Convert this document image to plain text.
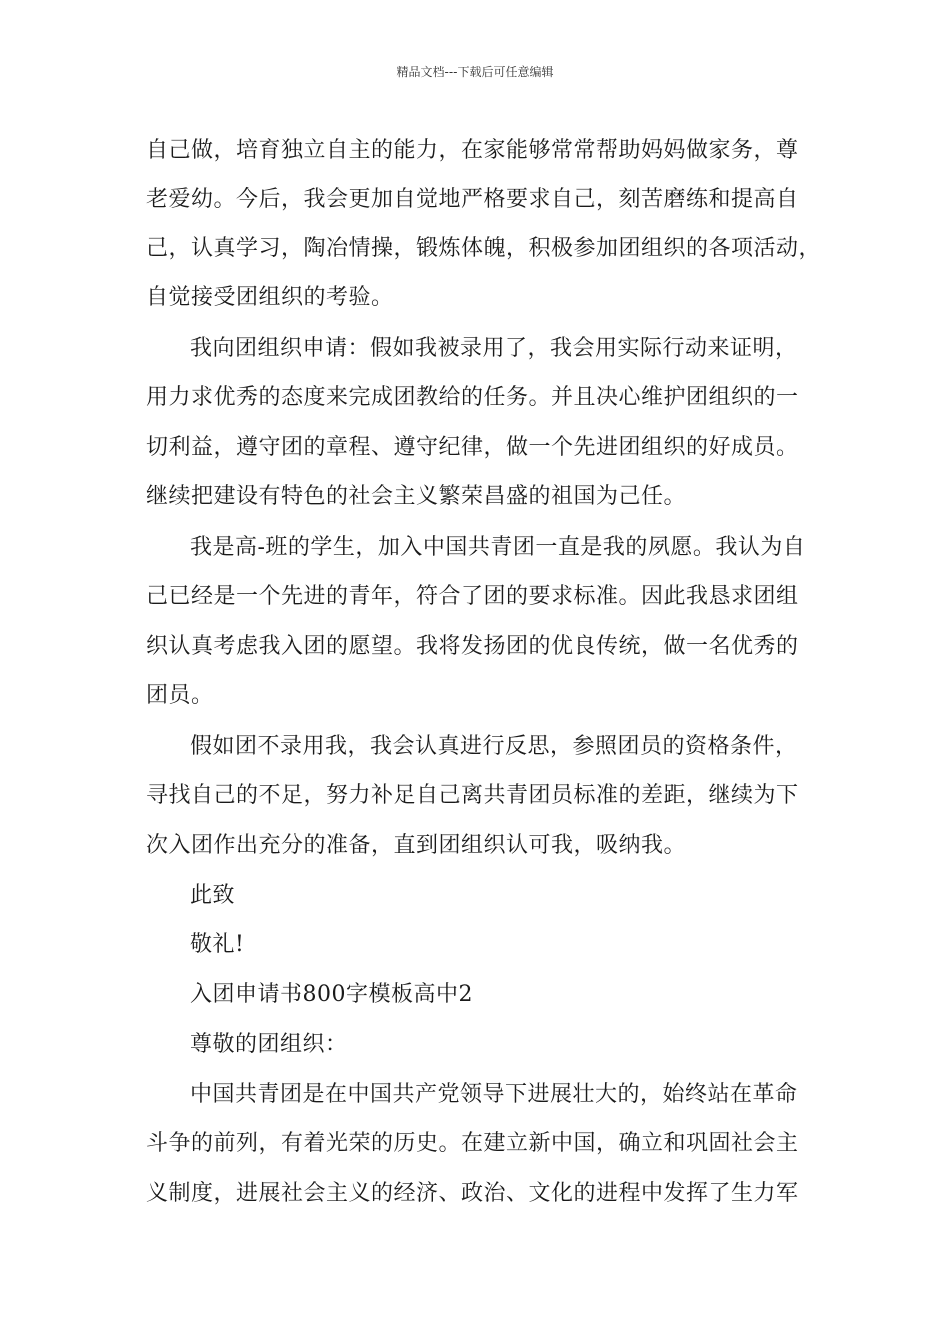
精品文档---下载后可任意编辑
自己做，培育独立自主的能力，在家能够常常帮助妈妈做家务，尊
老爱幼。今后，我会更加自觉地严格要求自己，刻苦磨练和提高自
己，认真学习，陶冶情操，锻炼体魄，积极参加团组织的各项活动，
自觉接受团组织的考验。
我向团组织申请：假如我被录用了，我会用实际行动来证明，
用力求优秀的态度来完成团教给的任务。并且决心维护团组织的一
切利益，遵守团的章程、遵守纪律，做一个先进团组织的好成员。
继续把建设有特色的社会主义繁荣昌盛的祖国为己任。
我是高-班的学生，加入中国共青团一直是我的夙愿。我认为自
己已经是一个先进的青年，符合了团的要求标准。因此我恳求团组
织认真考虑我入团的愿望。我将发扬团的优良传统，做一名优秀的
团员。
假如团不录用我，我会认真进行反思，参照团员的资格条件，
寻找自己的不足，努力补足自己离共青团员标准的差距，继续为下
次入团作出充分的准备，直到团组织认可我，吸纳我。
此致
敬礼!
入团申请书800字模板高中2
尊敬的团组织：
中国共青团是在中国共产党领导下进展壮大的，始终站在革命
斗争的前列，有着光荣的历史。在建立新中国，确立和巩固社会主
义制度，进展社会主义的经济、政治、文化的进程中发挥了生力军
